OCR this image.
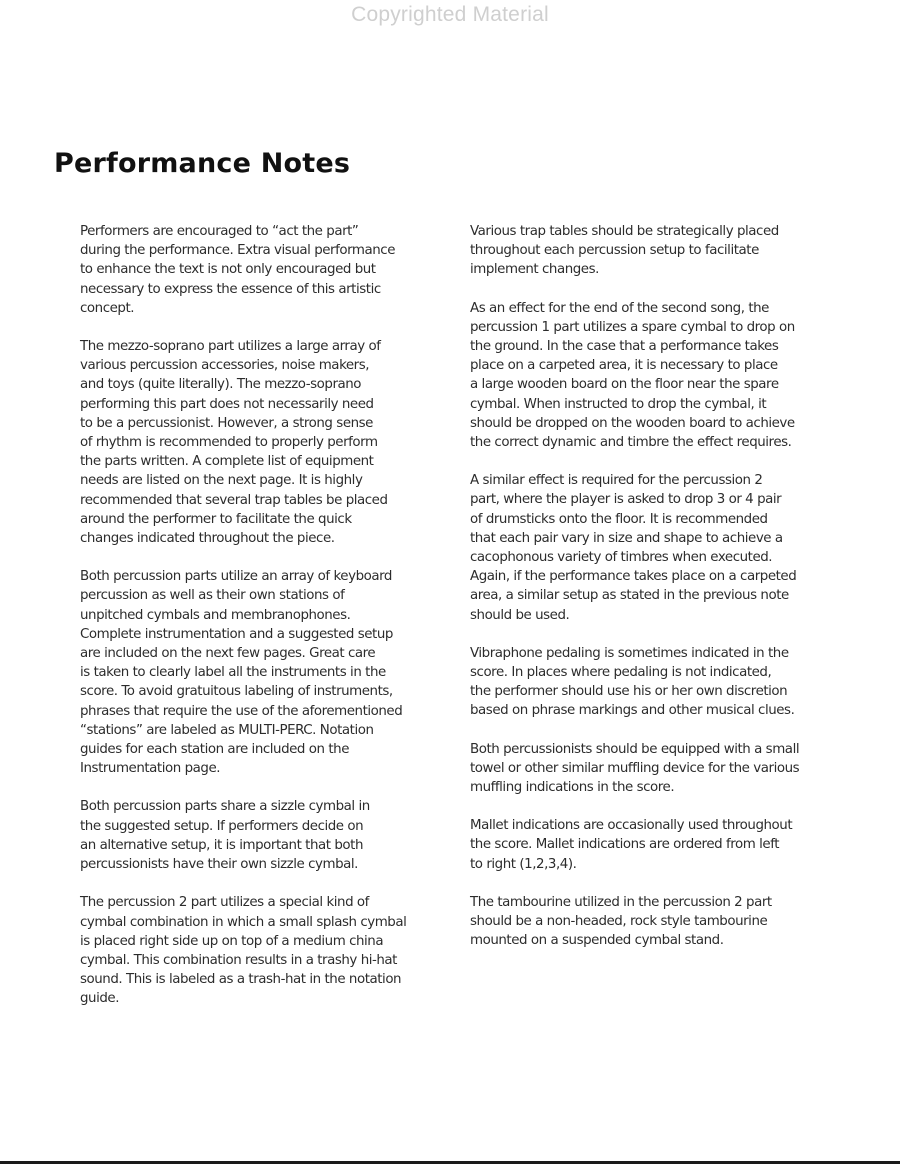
Copyrighted Material
Performance Notes

Performers are encouraged to “act the part”
during the performance. Extra visual performance
to enhance the text is not only encouraged but
necessary to express the essence of this artistic
concept.

The mezzo-soprano part utilizes a large array of
various percussion accessories, noise makers,
and toys (quite literally). The mezzo-soprano
performing this part does not necessarily need
to be a percussionist. However, a strong sense
of rhythm is recommended to properly perform
the parts written. A complete list of equipment
needs are listed on the next page. It is highly
recommended that several trap tables be placed
around the performer to facilitate the quick
changes indicated throughout the piece.

Both percussion parts utilize an array of keyboard
percussion as well as their own stations of
unpitched cymbals and membranophones.
Complete instrumentation and a suggested setup
are included on the next few pages. Great care
is taken to clearly label all the instruments in the
score. To avoid gratuitous labeling of instruments,
phrases that require the use of the aforementioned
“stations” are labeled as MULTI-PERC. Notation
guides for each station are included on the
Instrumentation page.

Both percussion parts share a sizzle cymbal in
the suggested setup. If performers decide on
an alternative setup, it is important that both
percussionists have their own sizzle cymbal.

The percussion 2 part utilizes a special kind of
cymbal combination in which a small splash cymbal
is placed right side up on top of a medium china
cymbal. This combination results in a trashy hi-hat
sound. This is labeled as a trash-hat in the notation
guide.

Various trap tables should be strategically placed
throughout each percussion setup to facilitate
implement changes.

As an effect for the end of the second song, the
percussion 1 part utilizes a spare cymbal to drop on
the ground. In the case that a performance takes
place on a carpeted area, it is necessary to place
a large wooden board on the floor near the spare
cymbal. When instructed to drop the cymbal, it
should be dropped on the wooden board to achieve
the correct dynamic and timbre the effect requires.

A similar effect is required for the percussion 2
part, where the player is asked to drop 3 or 4 pair
of drumsticks onto the floor. It is recommended
that each pair vary in size and shape to achieve a
cacophonous variety of timbres when executed.
Again, if the performance takes place on a carpeted
area, a similar setup as stated in the previous note
should be used.

Vibraphone pedaling is sometimes indicated in the
score. In places where pedaling is not indicated,
the performer should use his or her own discretion
based on phrase markings and other musical clues.

Both percussionists should be equipped with a small
towel or other similar muffling device for the various
muffling indications in the score.

Mallet indications are occasionally used throughout
the score. Mallet indications are ordered from left
to right (1,2,3,4).

The tambourine utilized in the percussion 2 part
should be a non-headed, rock style tambourine
mounted on a suspended cymbal stand.
